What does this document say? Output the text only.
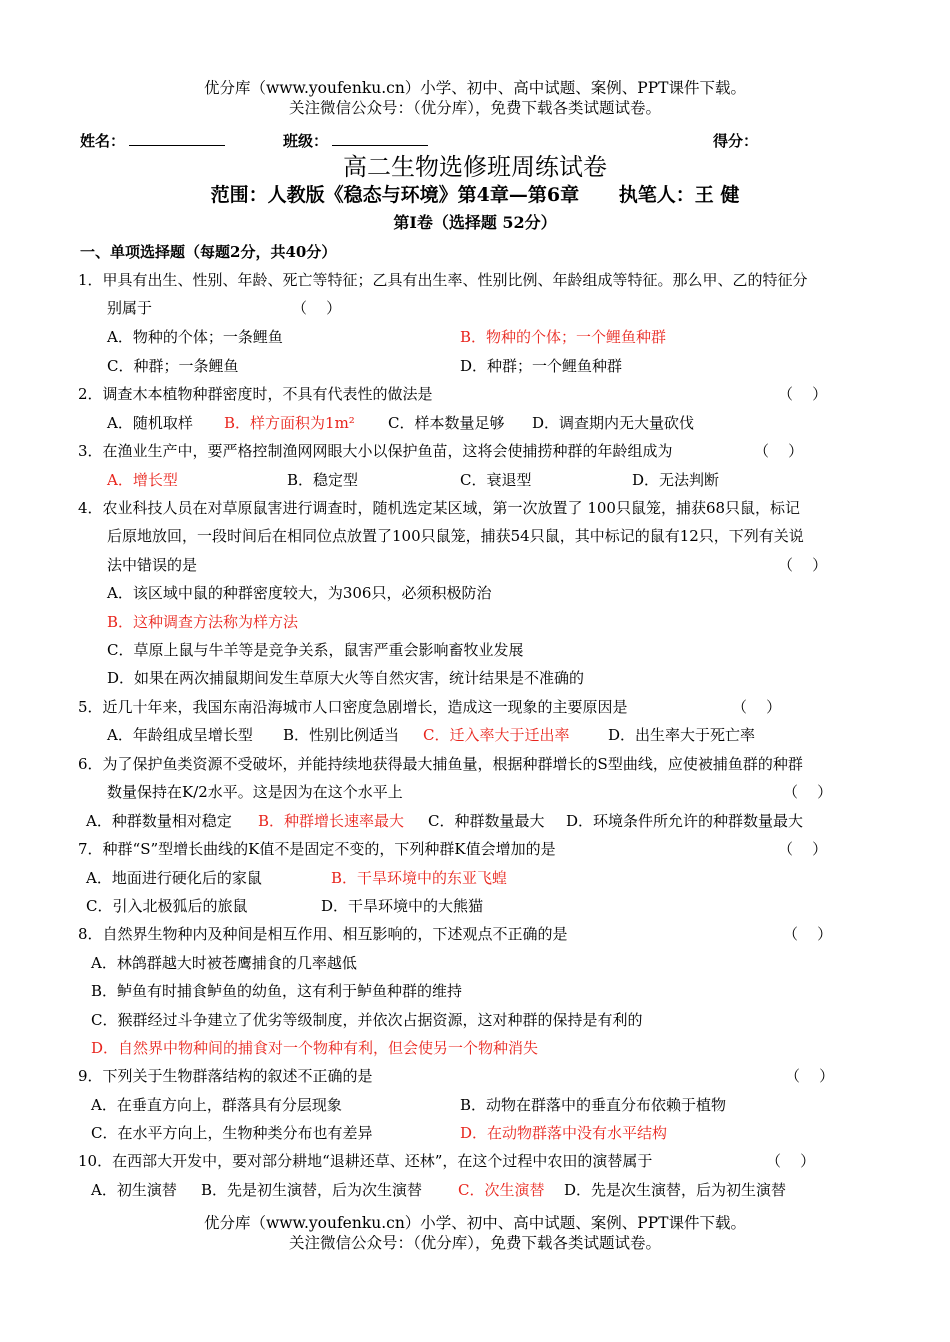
优分库（www.youfenku.cn）小学、初中、高中试题、案例、PPT课件下载。
关注微信公众号：（优分库），免费下载各类试题试卷。
姓名：	班级：	得分：
高二生物选修班周练试卷
范围：人教版《稳态与环境》第4章—第6章      执笔人：王 健
第Ⅰ卷（选择题 52分）
一、单项选择题（每题2分，共40分）
1．甲具有出生、性别、年龄、死亡等特征；乙具有出生率、性别比例、年龄组成等特征。那么甲、乙的特征分
别属于	（    ）
A．物种的个体；一条鲤鱼	B．物种的个体；一个鲤鱼种群
C．种群；一条鲤鱼	D．种群；一个鲤鱼种群
2．调查木本植物种群密度时，不具有代表性的做法是	（    ）
A．随机取样 B．样方面积为1m² C．样本数量足够 D．调查期内无大量砍伐
3．在渔业生产中，要严格控制渔网网眼大小以保护鱼苗，这将会使捕捞种群的年龄组成为	（    ）
A．增长型	B．稳定型	C．衰退型	D．无法判断
4．农业科技人员在对草原鼠害进行调查时，随机选定某区域，第一次放置了 100只鼠笼，捕获68只鼠，标记
后原地放回，一段时间后在相同位点放置了100只鼠笼，捕获54只鼠，其中标记的鼠有12只，下列有关说
法中错误的是	（    ）
A．该区域中鼠的种群密度较大，为306只，必须积极防治
B．这种调查方法称为样方法
C．草原上鼠与牛羊等是竞争关系，鼠害严重会影响畜牧业发展
D．如果在两次捕鼠期间发生草原大火等自然灾害，统计结果是不准确的
5．近几十年来，我国东南沿海城市人口密度急剧增长，造成这一现象的主要原因是	（    ）
A．年龄组成呈增长型 B．性别比例适当 C．迁入率大于迁出率	D．出生率大于死亡率
6．为了保护鱼类资源不受破坏，并能持续地获得最大捕鱼量，根据种群增长的S型曲线，应使被捕鱼群的种群
数量保持在K/2水平。这是因为在这个水平上	（    ）
A．种群数量相对稳定 B．种群增长速率最大 C．种群数量最大 D．环境条件所允许的种群数量最大
7．种群“S”型增长曲线的K值不是固定不变的，下列种群K值会增加的是	（    ）
A．地面进行硬化后的家鼠	B．干旱环境中的东亚飞蝗
C．引入北极狐后的旅鼠	D．干旱环境中的大熊猫
8．自然界生物种内及种间是相互作用、相互影响的，下述观点不正确的是	（    ）
A．林鸽群越大时被苍鹰捕食的几率越低
B．鲈鱼有时捕食鲈鱼的幼鱼，这有利于鲈鱼种群的维持
C．猴群经过斗争建立了优劣等级制度，并依次占据资源，这对种群的保持是有利的
D．自然界中物种间的捕食对一个物种有利，但会使另一个物种消失
9．下列关于生物群落结构的叙述不正确的是	（    ）
A．在垂直方向上，群落具有分层现象	B．动物在群落中的垂直分布依赖于植物
C．在水平方向上，生物种类分布也有差异	D．在动物群落中没有水平结构
10．在西部大开发中，要对部分耕地“退耕还草、还林”，在这个过程中农田的演替属于	（    ）
A．初生演替 B．先是初生演替，后为次生演替 C．次生演替 D．先是次生演替，后为初生演替
优分库（www.youfenku.cn）小学、初中、高中试题、案例、PPT课件下载。
关注微信公众号：（优分库），免费下载各类试题试卷。
